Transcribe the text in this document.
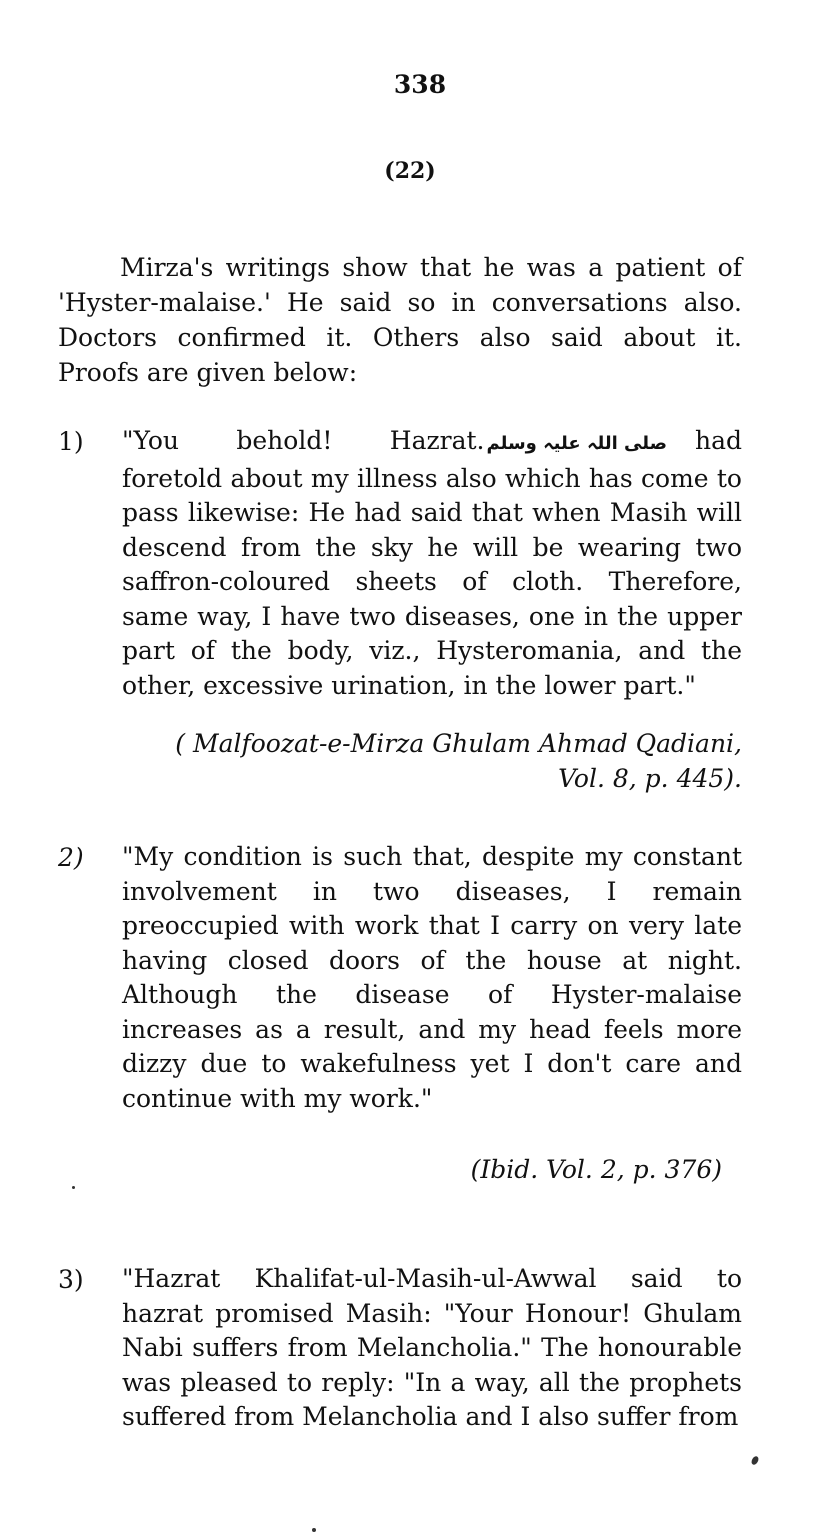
338
(22)

Mirza's writings show that he was a patient of 'Hyster-malaise.' He said so in conversations also. Doctors confirmed it. Others also said about it. Proofs are given below:

1) "You behold! Hazrat. صلی اللہ علیہ وسلم had foretold about my illness also which has come to pass likewise: He had said that when Masih will descend from the sky he will be wearing two saffron-coloured sheets of cloth. Therefore, same way, I have two diseases, one in the upper part of the body, viz., Hysteromania, and the other, excessive urination, in the lower part."

( Malfoozat-e-Mirza Ghulam Ahmad Qadiani,
Vol. 8, p. 445).

2) "My condition is such that, despite my constant involvement in two diseases, I remain preoccupied with work that I carry on very late having closed doors of the house at night. Although the disease of Hyster-malaise increases as a result, and my head feels more dizzy due to wakefulness yet I don't care and continue with my work."

(Ibid. Vol. 2, p. 376)

3) "Hazrat Khalifat-ul-Masih-ul-Awwal said to hazrat promised Masih: "Your Honour! Ghulam Nabi suffers from Melancholia." The honourable was pleased to reply: "In a way, all the prophets suffered from Melancholia and I also suffer from
